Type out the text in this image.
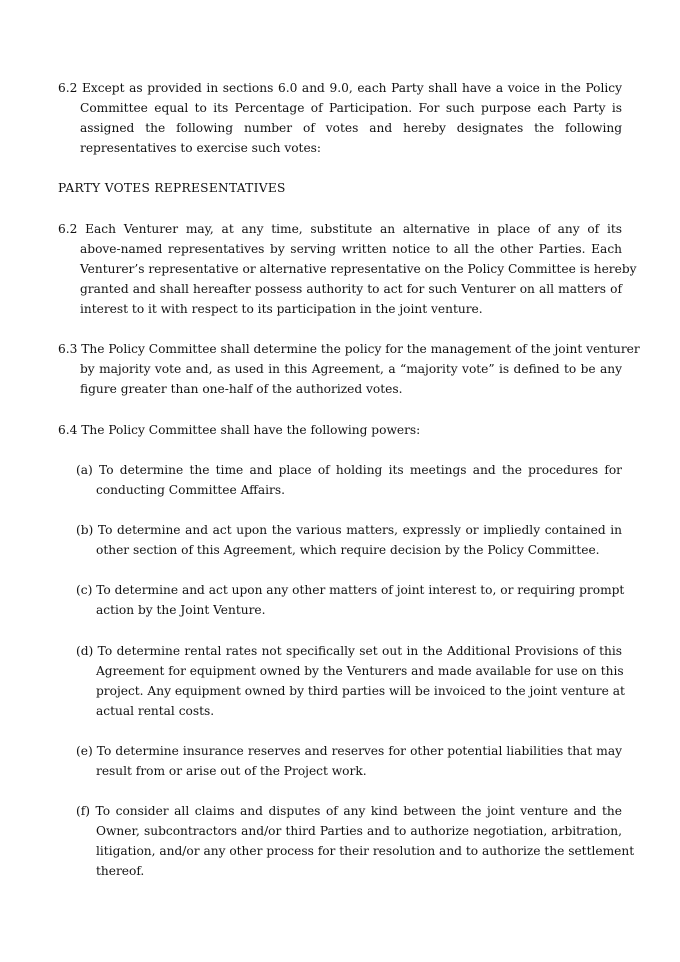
6.2 Except as provided in sections 6.0 and 9.0, each Party shall have a voice in the Policy
Committee equal to its Percentage of Participation. For such purpose each Party is
assigned the following number of votes and hereby designates the following
representatives to exercise such votes:
PARTY VOTES REPRESENTATIVES
6.2 Each Venturer may, at any time, substitute an alternative in place of any of its
above-named representatives by serving written notice to all the other Parties. Each
Venturer’s representative or alternative representative on the Policy Committee is hereby
granted and shall hereafter possess authority to act for such Venturer on all matters of
interest to it with respect to its participation in the joint venture.
6.3 The Policy Committee shall determine the policy for the management of the joint venturer
by majority vote and, as used in this Agreement, a “majority vote” is defined to be any
figure greater than one-half of the authorized votes.
6.4 The Policy Committee shall have the following powers:
(a) To determine the time and place of holding its meetings and the procedures for
conducting Committee Affairs.
(b) To determine and act upon the various matters, expressly or impliedly contained in
other section of this Agreement, which require decision by the Policy Committee.
(c) To determine and act upon any other matters of joint interest to, or requiring prompt
action by the Joint Venture.
(d) To determine rental rates not specifically set out in the Additional Provisions of this
Agreement for equipment owned by the Venturers and made available for use on this
project. Any equipment owned by third parties will be invoiced to the joint venture at
actual rental costs.
(e) To determine insurance reserves and reserves for other potential liabilities that may
result from or arise out of the Project work.
(f) To consider all claims and disputes of any kind between the joint venture and the
Owner, subcontractors and/or third Parties and to authorize negotiation, arbitration,
litigation, and/or any other process for their resolution and to authorize the settlement
thereof.
